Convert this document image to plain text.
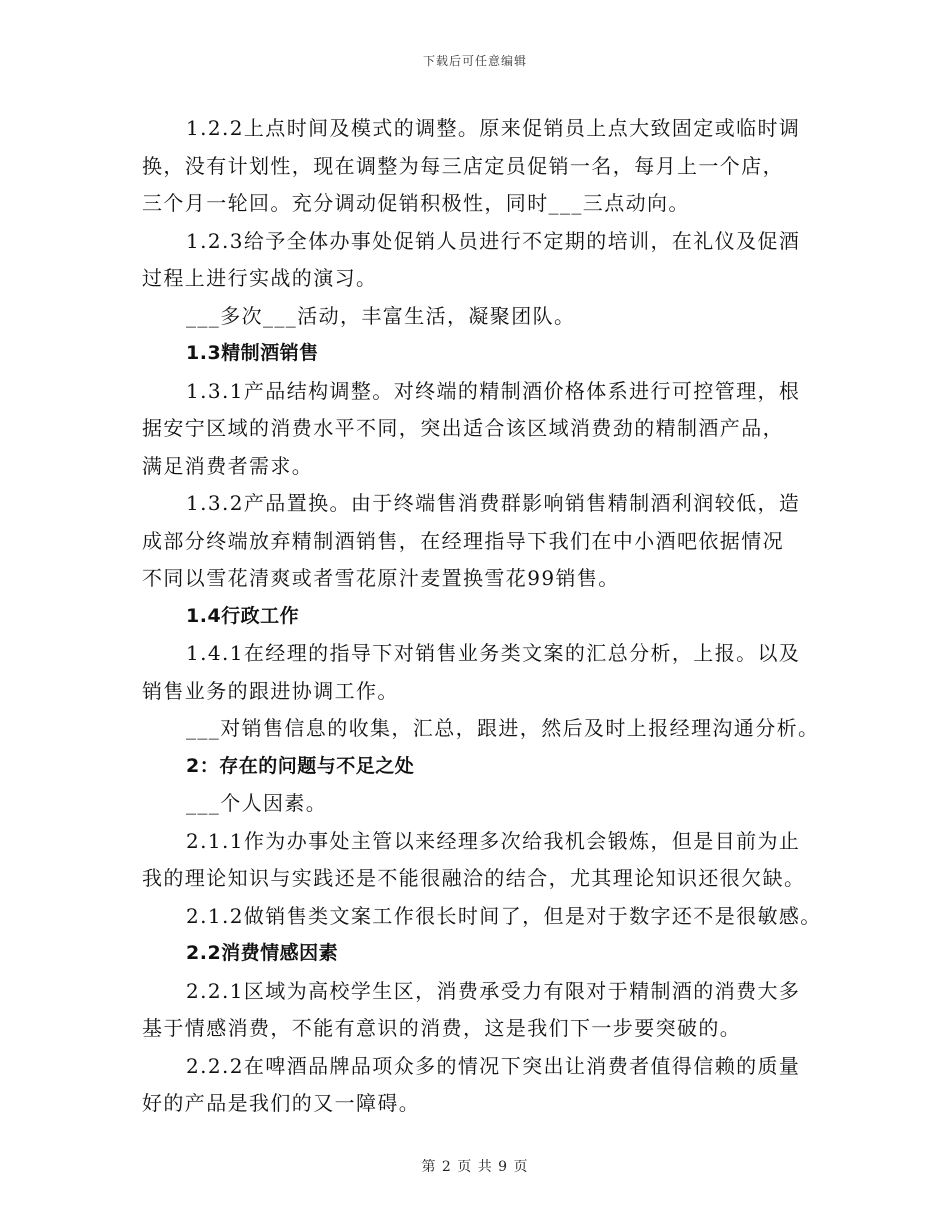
下载后可任意编辑
1.2.2上点时间及模式的调整。原来促销员上点大致固定或临时调
换，没有计划性，现在调整为每三店定员促销一名，每月上一个店，
三个月一轮回。充分调动促销积极性，同时___三点动向。
1.2.3给予全体办事处促销人员进行不定期的培训，在礼仪及促酒
过程上进行实战的演习。
___多次___活动，丰富生活，凝聚团队。
1.3精制酒销售
1.3.1产品结构调整。对终端的精制酒价格体系进行可控管理，根
据安宁区域的消费水平不同，突出适合该区域消费劲的精制酒产品，
满足消费者需求。
1.3.2产品置换。由于终端售消费群影响销售精制酒利润较低，造
成部分终端放弃精制酒销售，在经理指导下我们在中小酒吧依据情况
不同以雪花清爽或者雪花原汁麦置换雪花99销售。
1.4行政工作
1.4.1在经理的指导下对销售业务类文案的汇总分析，上报。以及
销售业务的跟进协调工作。
___对销售信息的收集，汇总，跟进，然后及时上报经理沟通分析。
2：存在的问题与不足之处
___个人因素。
2.1.1作为办事处主管以来经理多次给我机会锻炼，但是目前为止
我的理论知识与实践还是不能很融洽的结合，尤其理论知识还很欠缺。
2.1.2做销售类文案工作很长时间了，但是对于数字还不是很敏感。
2.2消费情感因素
2.2.1区域为高校学生区，消费承受力有限对于精制酒的消费大多
基于情感消费，不能有意识的消费，这是我们下一步要突破的。
2.2.2在啤酒品牌品项众多的情况下突出让消费者值得信赖的质量
好的产品是我们的又一障碍。
第 2 页 共 9 页
